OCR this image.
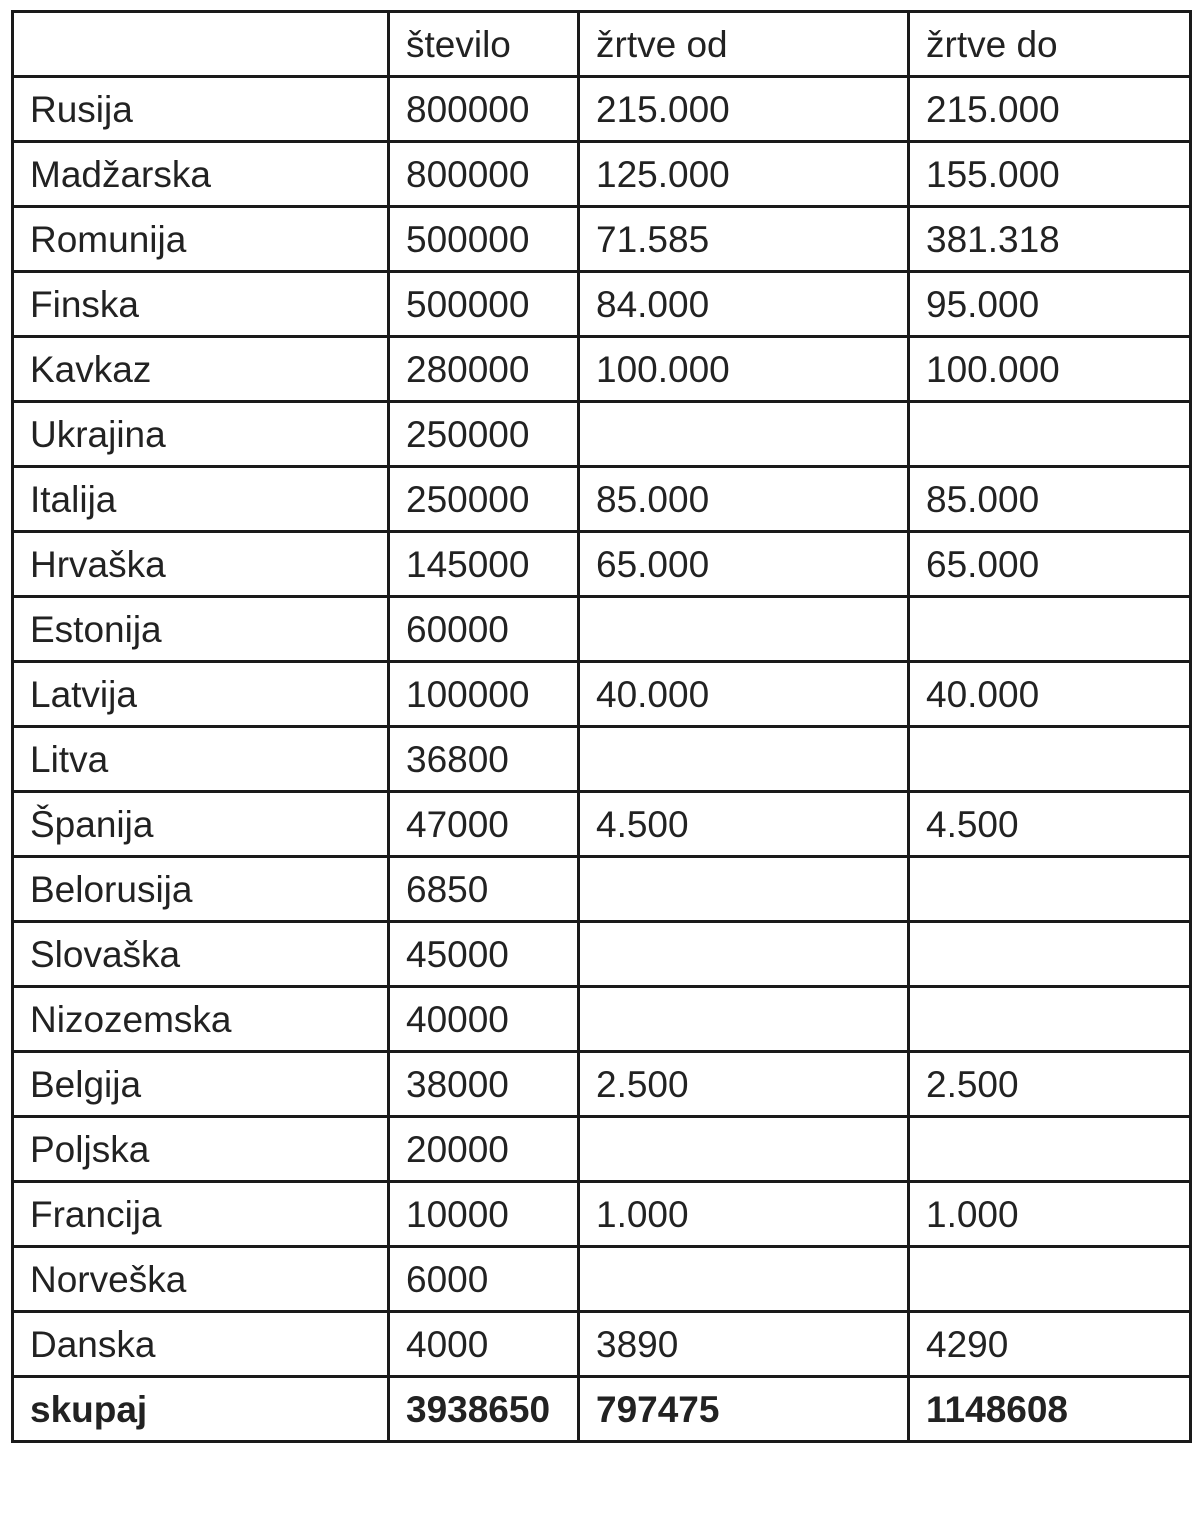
	število	žrtve od	žrtve do
Rusija	800000	215.000	215.000
Madžarska	800000	125.000	155.000
Romunija	500000	71.585	381.318
Finska	500000	84.000	95.000
Kavkaz	280000	100.000	100.000
Ukrajina	250000		
Italija	250000	85.000	85.000
Hrvaška	145000	65.000	65.000
Estonija	60000		
Latvija	100000	40.000	40.000
Litva	36800		
Španija	47000	4.500	4.500
Belorusija	6850		
Slovaška	45000		
Nizozemska	40000		
Belgija	38000	2.500	2.500
Poljska	20000		
Francija	10000	1.000	1.000
Norveška	6000		
Danska	4000	3890	4290
skupaj	3938650	797475	1148608
